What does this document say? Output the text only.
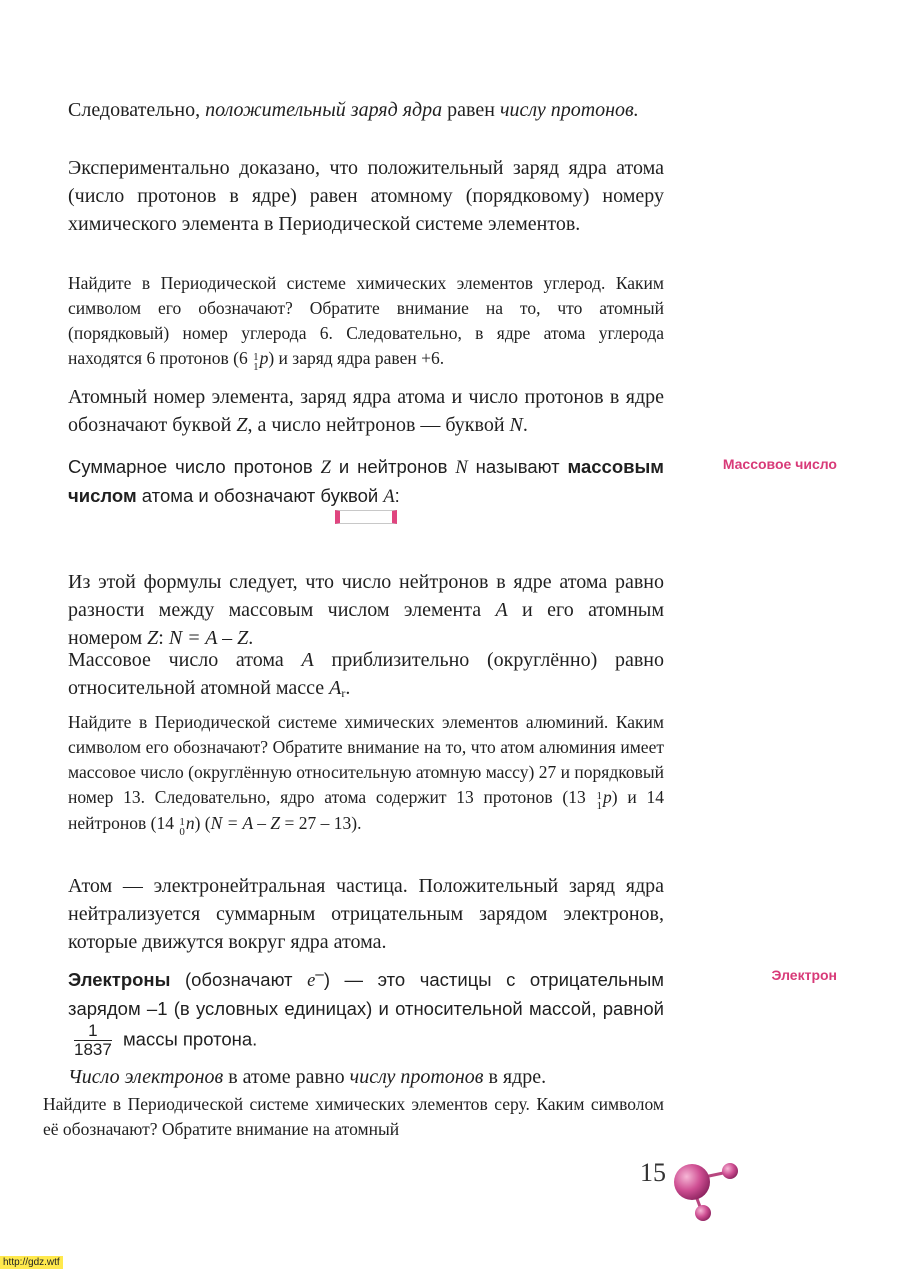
Следовательно, положительный заряд ядра равен числу протонов.

Экспериментально доказано, что положительный заряд ядра атома (число протонов в ядре) равен атомному (порядковому) номеру химического элемента в Периодической системе элементов.

Найдите в Периодической системе химических элементов углерод. Каким символом его обозначают? Обратите внимание на то, что атомный (порядковый) номер углерода 6. Следовательно, в ядре атома углерода находятся 6 протонов (6 1
1 p) и заряд ядра равен +6.

Атомный номер элемента, заряд ядра атома и число протонов в ядре обозначают буквой Z, а число нейтронов — буквой N.

Суммарное число протонов Z и нейтронов N называют массовым числом атома и обозначают буквой A:

Из этой формулы следует, что число нейтронов в ядре атома равно разности между массовым числом элемента A и его атомным номером Z: N = A – Z.

Массовое число атома A приблизительно (округлённо) равно относительной атомной массе $A_r$.

Найдите в Периодической системе химических элементов алюминий. Каким символом его обозначают? Обратите внимание на то, что атом алюминия имеет массовое число (округлённую относительную атомную массу) 27 и порядковый номер 13. Следовательно, ядро атома содержит 13 протонов (13 1
1 p) и 14 нейтронов (14 1
0 n) (N = A – Z = 27 – 13).

Атом — электронейтральная частица. Положительный заряд ядра нейтрализуется суммарным отрицательным зарядом электронов, которые движутся вокруг ядра атома.

Электроны (обозначают e–) — это частицы с отрицательным зарядом –1 (в условных единицах) и относительной массой, равной
$\frac{1}{1837}$ массы протона.

Число электронов в атоме равно числу протонов в ядре.

Найдите в Периодической системе химических элементов серу. Каким символом её обозначают? Обратите внимание на атомный

Массовое число
Электрон
15
http://gdz.wtf
